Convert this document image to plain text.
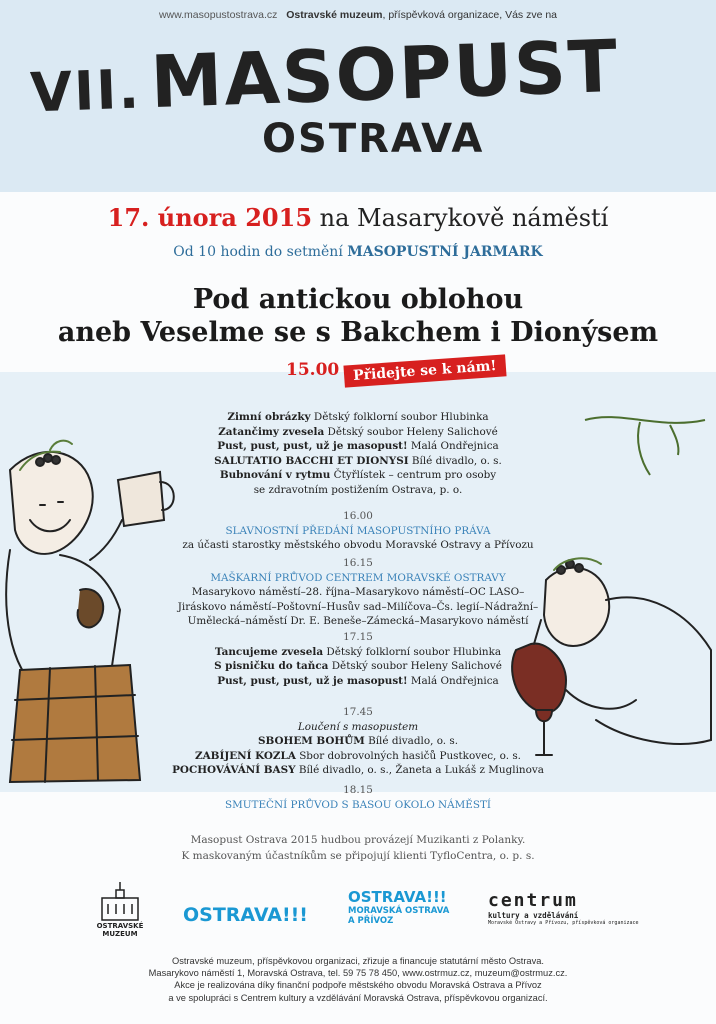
www.masopustostrava.cz Ostravské muzeum, příspěvková organizace, Vás zve na
VII. MASOPUST
OSTRAVA
17. února 2015 na Masarykově náměstí
Od 10 hodin do setmění MASOPUSTNÍ JARMARK
Pod antickou oblohou
aneb Veselme se s Bakchem i Dionýsem
15.00 Přidejte se k nám!
Zimní obrázky Dětský folklorní soubor Hlubinka
Zatančimy zvesela Dětský soubor Heleny Salichové
Pust, pust, pust, už je masopust! Malá Ondřejnica
SALUTATIO BACCHI ET DIONYSI Bílé divadlo, o. s.
Bubnování v rytmu Čtyřlístek – centrum pro osoby
se zdravotním postižením Ostrava, p. o.
16.00
SLAVNOSTNÍ PŘEDÁNÍ MASOPUSTNÍHO PRÁVA
za účasti starostky městského obvodu Moravské Ostravy a Přívozu
16.15
MAŠKARNÍ PRŮVOD CENTREM MORAVSKÉ OSTRAVY
Masarykovo náměstí–28. října–Masarykovo náměstí–OC LASO–
Jiráskovo náměstí–Poštovní–Husův sad–Milíčova–Čs. legií–Nádražní–
Umělecká–náměstí Dr. E. Beneše–Zámecká–Masarykovo náměstí
17.15
Tancujeme zvesela Dětský folklorní soubor Hlubinka
S pisničku do taňca Dětský soubor Heleny Salichové
Pust, pust, pust, už je masopust! Malá Ondřejnica
17.45
Loučení s masopustem
SBOHEM BOHŮM Bílé divadlo, o. s.
ZABÍJENÍ KOZLA Sbor dobrovolných hasičů Pustkovec, o. s.
POCHOVÁVÁNÍ BASY Bílé divadlo, o. s., Žaneta a Lukáš z Muglinova
18.15
SMUTEČNÍ PRŮVOD S BASOU OKOLO NÁMĚSTÍ
Masopust Ostrava 2015 hudbou provázejí Muzikanti z Polanky.
K maskovaným účastníkům se připojují klienti TyfloCentra, o. p. s.
OSTRAVSKÉ
MUZEUM
OSTRAVA!!!
OSTRAVA!!!
MORAVSKÁ OSTRAVA
A PŘÍVOZ
centrum
kultury a vzdělávání
Moravské Ostravy a Přívozu, příspěvková organizace
Ostravské muzeum, příspěvkovou organizaci, zřizuje a financuje statutární město Ostrava.
Masarykovo náměstí 1, Moravská Ostrava, tel. 59 75 78 450, www.ostrmuz.cz, muzeum@ostrmuz.cz.
Akce je realizována díky finanční podpoře městského obvodu Moravská Ostrava a Přívoz
a ve spolupráci s Centrem kultury a vzdělávání Moravská Ostrava, příspěvkovou organizací.
